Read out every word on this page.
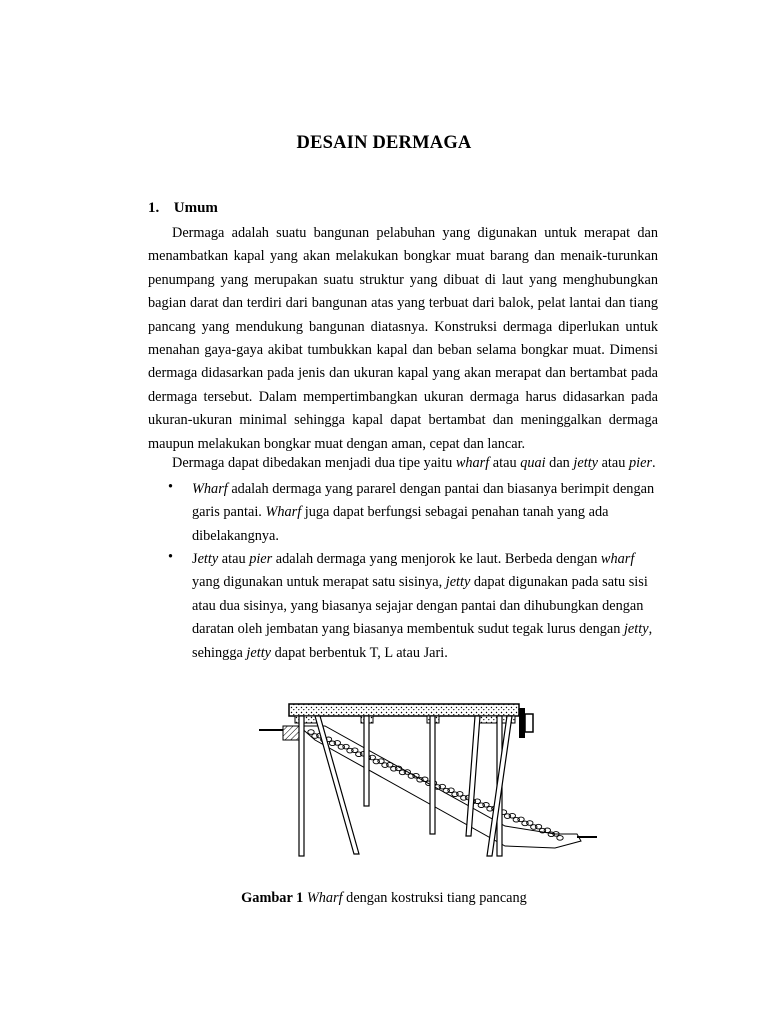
DESAIN DERMAGA
1. Umum
Dermaga adalah suatu bangunan pelabuhan yang digunakan untuk merapat dan
menambatkan kapal yang akan melakukan bongkar muat barang dan menaik-turunkan
penumpang yang merupakan suatu struktur yang dibuat di laut yang menghubungkan
bagian darat dan terdiri dari bangunan atas yang terbuat dari balok, pelat lantai dan tiang
pancang yang mendukung bangunan diatasnya. Konstruksi dermaga diperlukan untuk
menahan gaya-gaya akibat tumbukkan kapal dan beban selama bongkar muat. Dimensi
dermaga didasarkan pada jenis dan ukuran kapal yang akan merapat dan bertambat pada
dermaga tersebut. Dalam mempertimbangkan ukuran dermaga harus didasarkan pada
ukuran-ukuran minimal sehingga kapal dapat bertambat dan meninggalkan dermaga
maupun melakukan bongkar muat dengan aman, cepat dan lancar.
Dermaga dapat dibedakan menjadi dua tipe yaitu wharf atau quai dan jetty atau pier.
• Wharf adalah dermaga yang pararel dengan pantai dan biasanya berimpit dengan
garis pantai. Wharf juga dapat berfungsi sebagai penahan tanah yang ada
dibelakangnya.
• Jetty atau pier adalah dermaga yang menjorok ke laut. Berbeda dengan wharf
yang digunakan untuk merapat satu sisinya, jetty dapat digunakan pada satu sisi
atau dua sisinya, yang biasanya sejajar dengan pantai dan dihubungkan dengan
daratan oleh jembatan yang biasanya membentuk sudut tegak lurus dengan jetty,
sehingga jetty dapat berbentuk T, L atau Jari.
Gambar 1 Wharf dengan kostruksi tiang pancang
